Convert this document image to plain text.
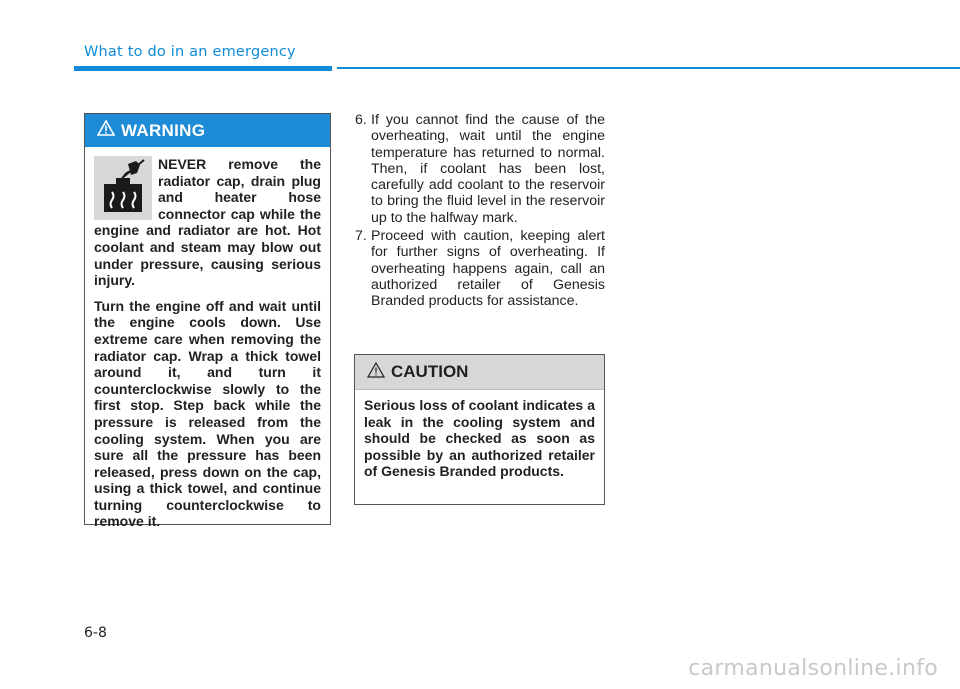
What to do in an emergency
WARNING

NEVER remove the radiator cap, drain plug and heater hose connector cap while the engine and radiator are hot. Hot coolant and steam may blow out under pressure, causing serious injury.

Turn the engine off and wait until the engine cools down. Use extreme care when removing the radiator cap. Wrap a thick towel around it, and turn it counterclockwise slowly to the first stop. Step back while the pressure is released from the cooling system. When you are sure all the pressure has been released, press down on the cap, using a thick towel, and continue turning counterclockwise to remove it.

6. If you cannot find the cause of the overheating, wait until the engine temperature has returned to normal. Then, if coolant has been lost, carefully add coolant to the reservoir to bring the fluid level in the reservoir up to the halfway mark.
7. Proceed with caution, keeping alert for further signs of overheating. If overheating happens again, call an authorized retailer of Genesis Branded products for assistance.
CAUTION
Serious loss of coolant indicates a leak in the cooling system and should be checked as soon as possible by an authorized retailer of Genesis Branded products.
6-8
carmanualsonline.info
